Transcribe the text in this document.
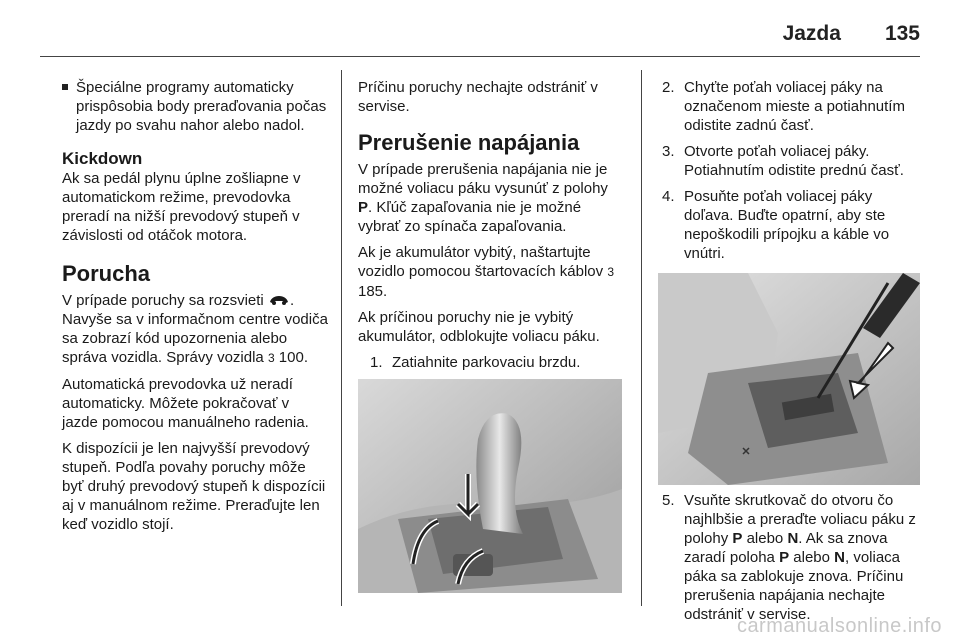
Jazda 135
Špeciálne programy automaticky prispôsobia body preraďovania počas jazdy po svahu nahor alebo nadol.
Kickdown

Ak sa pedál plynu úplne zošliapne v automatickom režime, prevodovka preradí na nižší prevodový stupeň v závislosti od otáčok motora.

Porucha

V prípade poruchy sa rozsvieti . Navyše sa v informačnom centre vodiča sa zobrazí kód upozornenia alebo správa vozidla. Správy vozidla 3 100.

Automatická prevodovka už neradí automaticky. Môžete pokračovať v jazde pomocou manuálneho radenia.

K dispozícii je len najvyšší prevodový stupeň. Podľa povahy poruchy môže byť druhý prevodový stupeň k dispozícii aj v manuálnom režime. Preraďujte len keď vozidlo stojí.

Príčinu poruchy nechajte odstrániť v servise.

Prerušenie napájania

V prípade prerušenia napájania nie je možné voliacu páku vysunúť z polohy P. Kľúč zapaľovania nie je možné vybrať zo spínača zapaľovania.

Ak je akumulátor vybitý, naštartujte vozidlo pomocou štartovacích káblov 3 185.

Ak príčinou poruchy nie je vybitý akumulátor, odblokujte voliacu páku.

1. Zatiahnite parkovaciu brzdu.
2. Chyťte poťah voliacej páky na označenom mieste a potiahnutím odistite zadnú časť.
3. Otvorte poťah voliacej páky. Potiahnutím odistite prednú časť.
4. Posuňte poťah voliacej páky doľava. Buďte opatrní, aby ste nepoškodili prípojku a káble vo vnútri.
5. Vsuňte skrutkovač do otvoru čo najhlbšie a preraďte voliacu páku z polohy P alebo N. Ak sa znova zaradí poloha P alebo N, voliaca páka sa zablokuje znova. Príčinu prerušenia napájania nechajte odstrániť v servise.
carmanualsonline.info
